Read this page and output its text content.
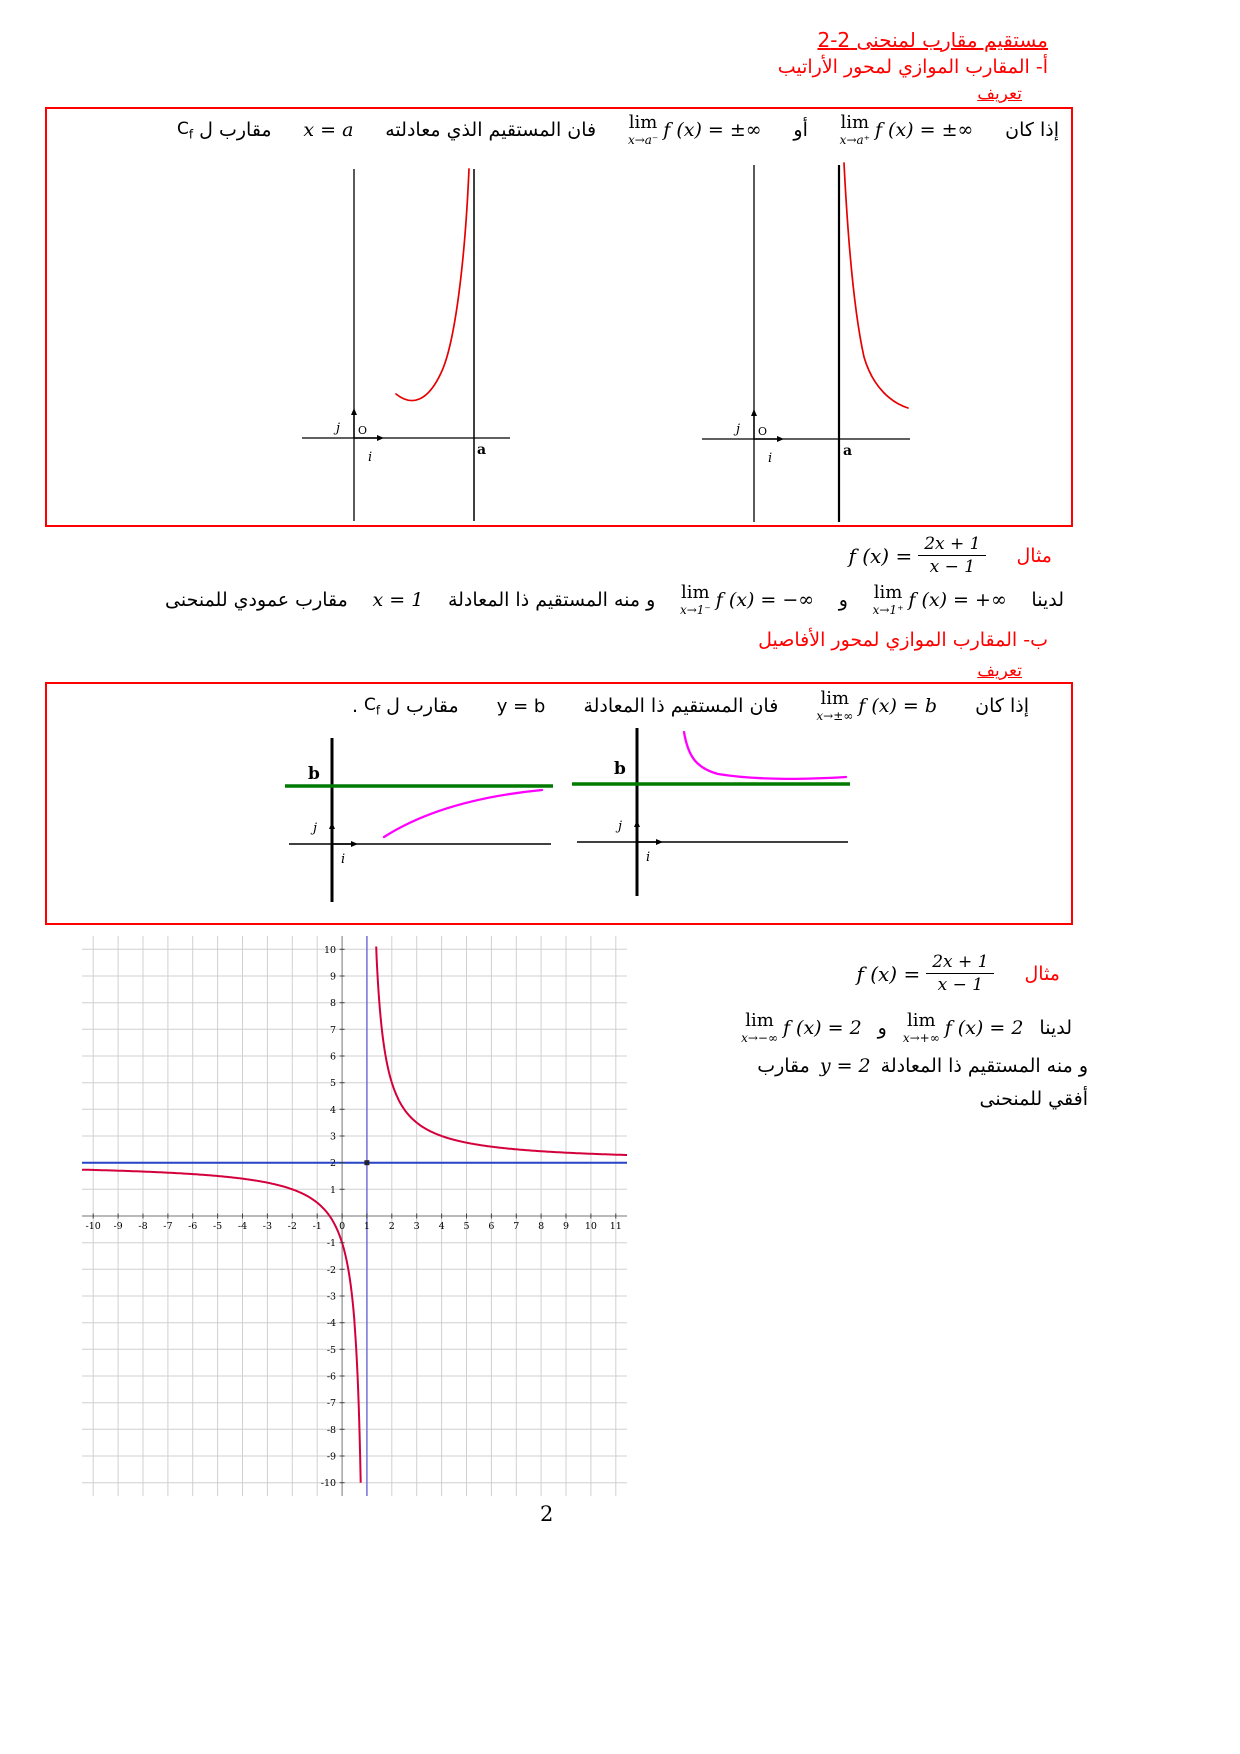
مستقيم مقارب لمنحنى 2-2
أ- المقارب الموازي لمحور الأراتيب
تعريف
إذا كان
lim
x→a⁺ f (x) = ±∞
أو
lim
x→a⁻ f (x) = ±∞
فان المستقيم الذي معادلته
x = a
مقارب ل
$C_f$
j O
i	a
j O
i	a
مثال
f $(x) = \frac{2x + 1}{x - 1}$
لدينا
lim
x→1⁺ f (x) = +∞
و
lim
x→1⁻ f (x) = −∞
و منه المستقيم ذا المعادلة
x = 1
مقارب عمودي للمنحنى
ب- المقارب الموازي لمحور الأفاصيل
تعريف
إذا كان
lim
x→±∞ f (x) = b
فان المستقيم ذا المعادلة
y = b
مقارب ل
$C_f$
.
j
i
b
j
i
b
مثال
f $(x) = \frac{2x + 1}{x - 1}$
لدينا
lim
x→+∞ f (x) = 2
و
lim
x→−∞ f (x) = 2
و منه المستقيم ذا المعادلة
y = 2
مقارب
أفقي للمنحنى
-10 -9 -8 -7 -6 -5 -4 -3 -2 -1 0 1 2 3 4 5 6 7 8 9 10 11
-10
-9
-8
-7
-6
-5
-4
-3
-2
-1
1
2
3
4
5
6
7
8
9
10
2
